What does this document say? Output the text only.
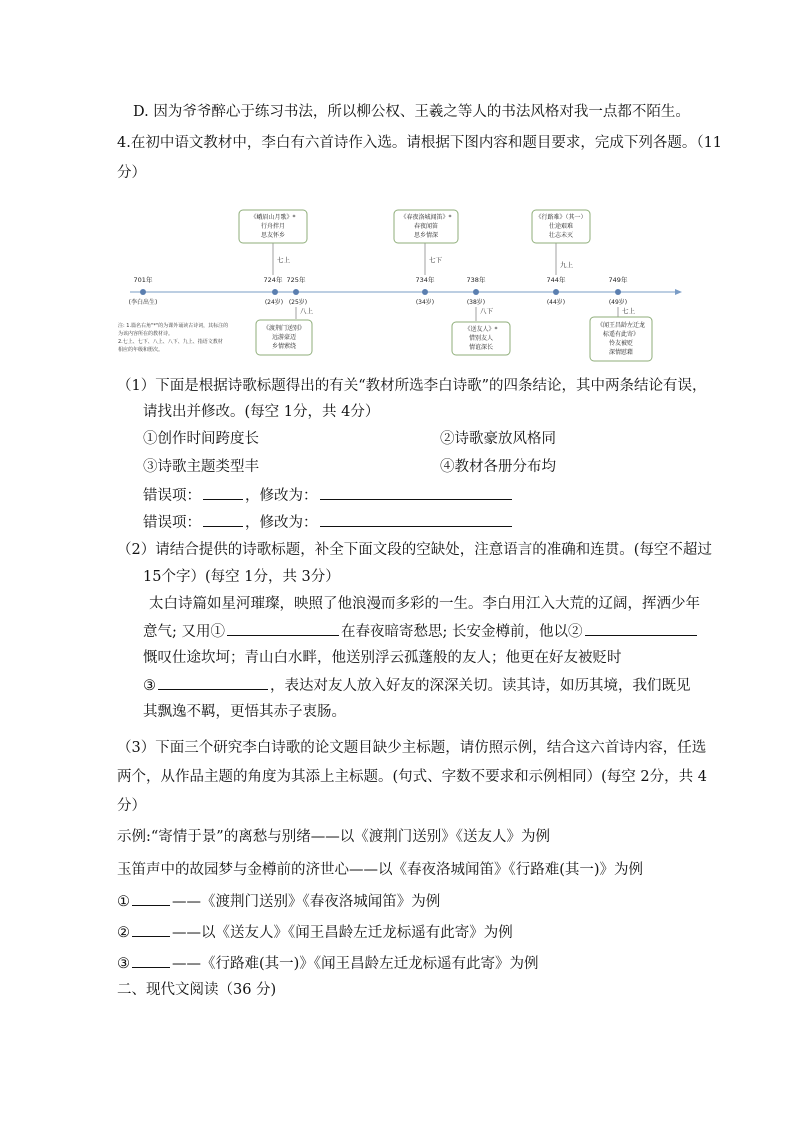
D. 因为爷爷醉心于练习书法，所以柳公权、王羲之等人的书法风格对我一点都不陌生。
4.在初中语文教材中，李白有六首诗作入选。请根据下图内容和题目要求，完成下列各题。（11
分）
701年	724年 725年	734年	738年	744年	749年
(李白出生)	(24岁) (25岁)	(34岁)	(38岁)	(44岁)	(49岁)
七上
八上
七下
八下
九上
七上
《峨眉山月歌》*
行舟拌月
思友怀乡
《春夜洛城闻笛》*
春夜闻笛
思乡情深
《行路难》（其一）
仕途艰难
壮志未灭
《渡荆门送别》
远游豪迈
乡情萦绕
《送友人》*
惜别友人
情谊深长
《闻王昌龄左迁龙
标遥有此寄》
怜友被贬
深情慰藉
注: 1.篇名右角"*"的为课外诵读古诗词，其标注的
为该内容所在的教材诗。
2.七上、七下、八上、八下、九上、指语文教材
相应的年级和册次。
（1）下面是根据诗歌标题得出的有关“教材所选李白诗歌”的四条结论，其中两条结论有误，
请找出并修改。(每空 1分，共 4分）
①创作时间跨度长	②诗歌豪放风格同
③诗歌主题类型丰	④教材各册分布均
错误项：	，修改为：
错误项：	，修改为：
（2）请结合提供的诗歌标题，补全下面文段的空缺处，注意语言的准确和连贯。(每空不超过
15个字）(每空 1分，共 3分）
太白诗篇如星河璀璨，映照了他浪漫而多彩的一生。李白用江入大荒的辽阔，挥洒少年
意气; 又用①	在春夜暗寄愁思; 长安金樽前，他以②
慨叹仕途坎坷；青山白水畔，他送别浮云孤蓬般的友人；他更在好友被贬时
③	，表达对友人放入好友的深深关切。读其诗，如历其境，我们既见
其飘逸不羁，更悟其赤子衷肠。
（3）下面三个研究李白诗歌的论文题目缺少主标题，请仿照示例，结合这六首诗内容，任选
两个，从作品主题的角度为其添上主标题。(句式、字数不要求和示例相同）(每空 2分，共 4
分）
示例:“寄情于景”的离愁与别绪——以《渡荆门送别》《送友人》为例
玉笛声中的故园梦与金樽前的济世心——以《春夜洛城闻笛》《行路难(其一)》为例
①	——《渡荆门送别》《春夜洛城闻笛》为例
②	——以《送友人》《闻王昌龄左迁龙标遥有此寄》为例
③	——《行路难(其一)》《闻王昌龄左迁龙标遥有此寄》为例
二、现代文阅读（36 分)
